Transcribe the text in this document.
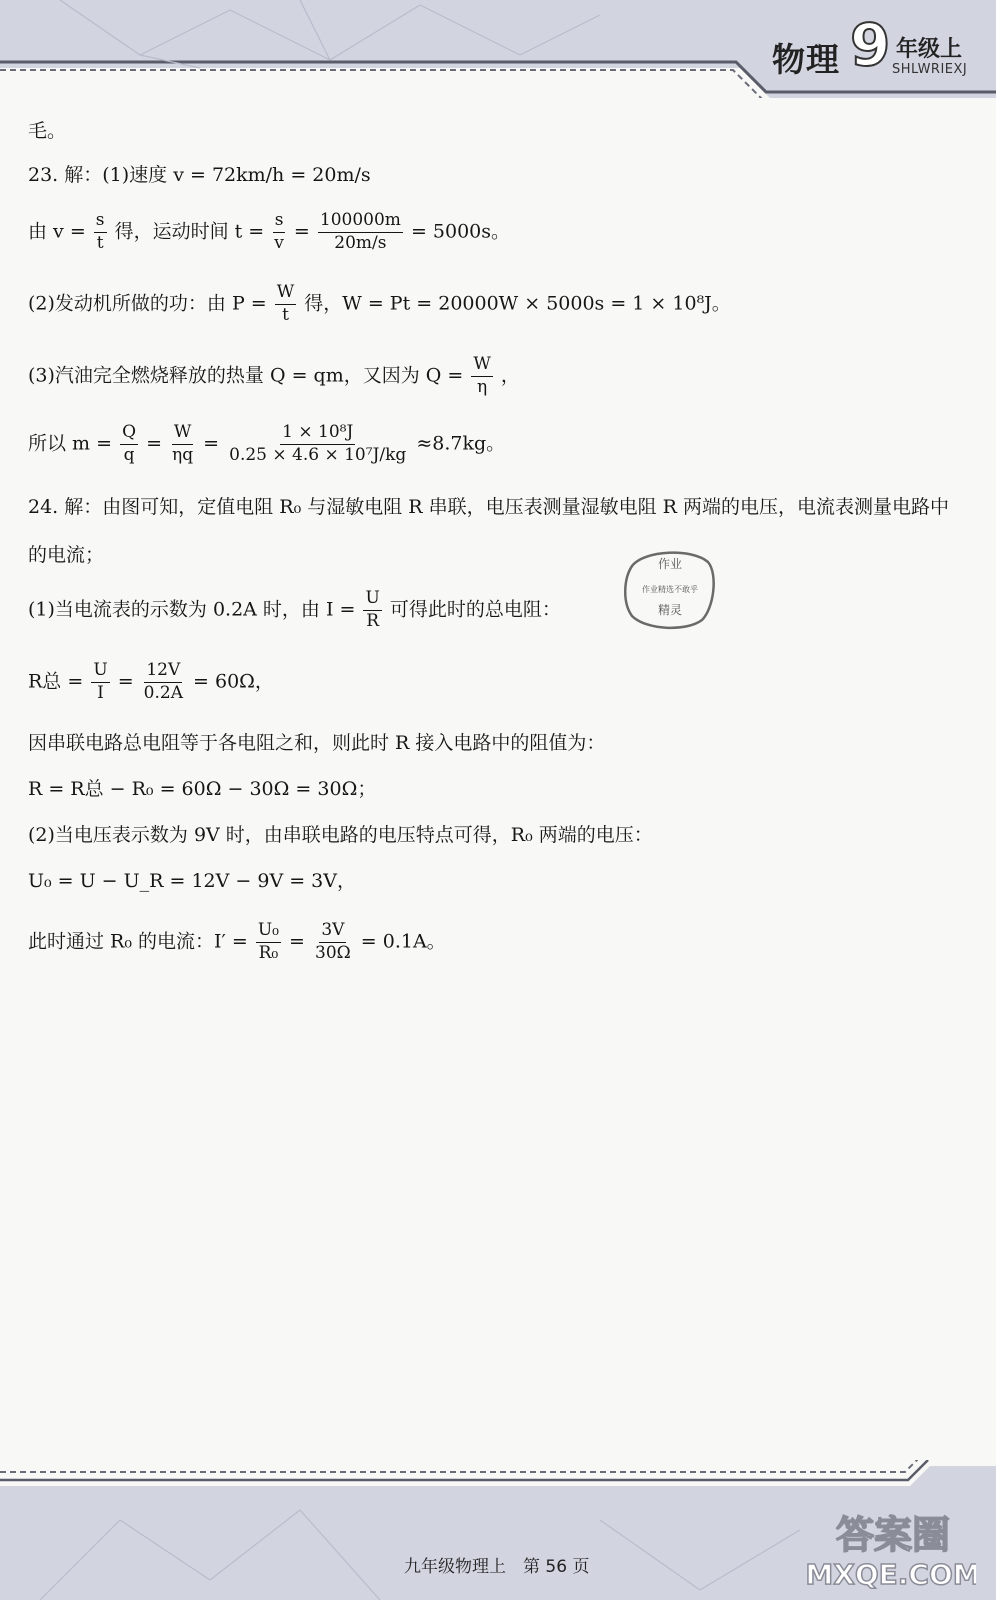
物理 9 年级上
SHLWRIEXJ
毛。
23. 解：(1)速度 v = 72km/h = 20m/s
由 $v = \frac{s}{t}$ 得，运动时间 $t = \frac{s}{v} = \frac{100000m}{20m/s} = 5000s$。
(2)发动机所做的功：由 $P = \frac{W}{t}$ 得，W = Pt = 20000W × 5000s = 1 × 10⁸J。
(3)汽油完全燃烧释放的热量 Q = qm，又因为 $Q = \frac{W}{\eta}$ ，
所以 $m = \frac{Q}{q} = \frac{W}{\eta q} = \frac{\text{1 × 10⁸J}}{\text{0.25 × 4.6 × 10⁷J/kg}} \approx 8.7kg$。
24. 解：由图可知，定值电阻 R₀ 与湿敏电阻 R 串联，电压表测量湿敏电阻 R 两端的电压，电流表测量电路中
的电流；
(1)当电流表的示数为 0.2A 时，由 $I = \frac{U}{R}$ 可得此时的总电阻：
R总 = $\frac{U}{I} = \frac{12V}{0.2A} = 60\Omega$，
因串联电路总电阻等于各电阻之和，则此时 R 接入电路中的阻值为：
R = R总 − R₀ = 60Ω − 30Ω = 30Ω；
(2)当电压表示数为 9V 时，由串联电路的电压特点可得，R₀ 两端的电压：
U₀ = U − U_R = 12V − 9V = 3V，
此时通过 R₀ 的电流：$I' = \frac{\text{U₀}}{\text{R₀}} = \frac{3V}{30\Omega} = 0.1A$。
作业
作业精选不敢乎
精灵
九年级物理上　第 56 页
答案圈
MXQE.COM
